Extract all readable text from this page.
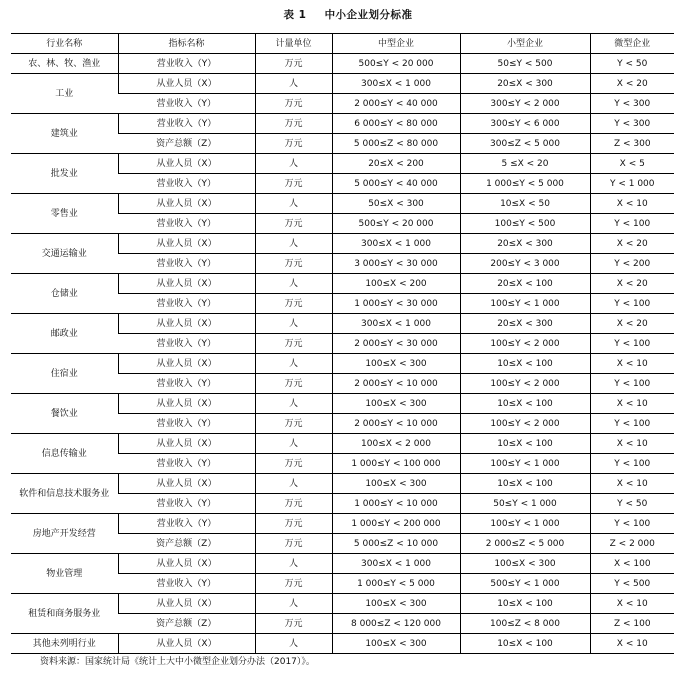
表 1 中小企业划分标准
行业名称	指标名称	计量单位	中型企业	小型企业	微型企业
农、林、牧、渔业	营业收入（Y）	万元	500≤Y < 20 000	50≤Y < 500	Y < 50
工业	从业人员（X）	人	300≤X < 1 000	20≤X < 300	X < 20
	营业收入（Y）	万元	2 000≤Y < 40 000	300≤Y < 2 000	Y < 300
建筑业	营业收入（Y）	万元	6 000≤Y < 80 000	300≤Y < 6 000	Y < 300
	资产总额（Z）	万元	5 000≤Z < 80 000	300≤Z < 5 000	Z < 300
批发业	从业人员（X）	人	20≤X < 200	5 ≤X < 20	X < 5
	营业收入（Y）	万元	5 000≤Y < 40 000	1 000≤Y < 5 000	Y < 1 000
零售业	从业人员（X）	人	50≤X < 300	10≤X < 50	X < 10
	营业收入（Y）	万元	500≤Y < 20 000	100≤Y < 500	Y < 100
交通运输业	从业人员（X）	人	300≤X < 1 000	20≤X < 300	X < 20
	营业收入（Y）	万元	3 000≤Y < 30 000	200≤Y < 3 000	Y < 200
仓储业	从业人员（X）	人	100≤X < 200	20≤X < 100	X < 20
	营业收入（Y）	万元	1 000≤Y < 30 000	100≤Y < 1 000	Y < 100
邮政业	从业人员（X）	人	300≤X < 1 000	20≤X < 300	X < 20
	营业收入（Y）	万元	2 000≤Y < 30 000	100≤Y < 2 000	Y < 100
住宿业	从业人员（X）	人	100≤X < 300	10≤X < 100	X < 10
	营业收入（Y）	万元	2 000≤Y < 10 000	100≤Y < 2 000	Y < 100
餐饮业	从业人员（X）	人	100≤X < 300	10≤X < 100	X < 10
	营业收入（Y）	万元	2 000≤Y < 10 000	100≤Y < 2 000	Y < 100
信息传输业	从业人员（X）	人	100≤X < 2 000	10≤X < 100	X < 10
	营业收入（Y）	万元	1 000≤Y < 100 000	100≤Y < 1 000	Y < 100
软件和信息技术服务业	从业人员（X）	人	100≤X < 300	10≤X < 100	X < 10
	营业收入（Y）	万元	1 000≤Y < 10 000	50≤Y < 1 000	Y < 50
房地产开发经营	营业收入（Y）	万元	1 000≤Y < 200 000	100≤Y < 1 000	Y < 100
	资产总额（Z）	万元	5 000≤Z < 10 000	2 000≤Z < 5 000	Z < 2 000
物业管理	从业人员（X）	人	300≤X < 1 000	100≤X < 300	X < 100
	营业收入（Y）	万元	1 000≤Y < 5 000	500≤Y < 1 000	Y < 500
租赁和商务服务业	从业人员（X）	人	100≤X < 300	10≤X < 100	X < 10
	资产总额（Z）	万元	8 000≤Z < 120 000	100≤Z < 8 000	Z < 100
其他未列明行业	从业人员（X）	人	100≤X < 300	10≤X < 100	X < 10
资料来源：国家统计局《统计上大中小微型企业划分办法（2017）》。
